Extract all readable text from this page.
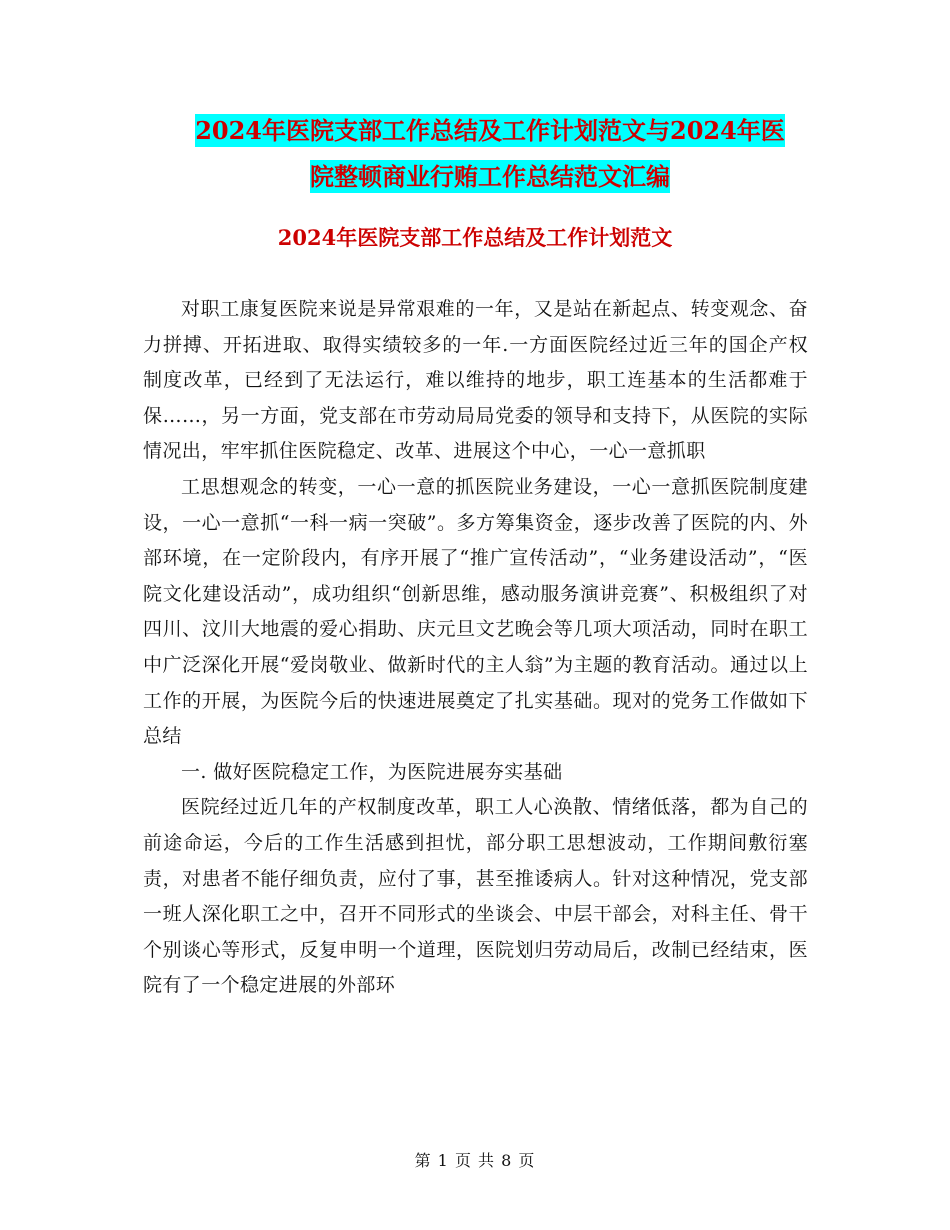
2024年医院支部工作总结及工作计划范文与2024年医
院整顿商业行贿工作总结范文汇编
2024年医院支部工作总结及工作计划范文

对职工康复医院来说是异常艰难的一年，又是站在新起点、转变观念、奋力拼搏、开拓进取、取得实绩较多的一年.一方面医院经过近三年的国企产权制度改革，已经到了无法运行，难以维持的地步，职工连基本的生活都难于保……，另一方面，党支部在市劳动局局党委的领导和支持下，从医院的实际情况出，牢牢抓住医院稳定、改革、进展这个中心，一心一意抓职

工思想观念的转变，一心一意的抓医院业务建设，一心一意抓医院制度建设，一心一意抓“一科一病一突破”。多方筹集资金，逐步改善了医院的内、外部环境，在一定阶段内，有序开展了“推广宣传活动”，“业务建设活动”，“医院文化建设活动”，成功组织“创新思维，感动服务演讲竞赛”、积极组织了对四川、汶川大地震的爱心捐助、庆元旦文艺晚会等几项大项活动，同时在职工中广泛深化开展“爱岗敬业、做新时代的主人翁”为主题的教育活动。通过以上工作的开展，为医院今后的快速进展奠定了扎实基础。现对的党务工作做如下总结

一. 做好医院稳定工作，为医院进展夯实基础

医院经过近几年的产权制度改革，职工人心涣散、情绪低落，都为自己的前途命运，今后的工作生活感到担忧，部分职工思想波动，工作期间敷衍塞责，对患者不能仔细负责，应付了事，甚至推诿病人。针对这种情况，党支部一班人深化职工之中，召开不同形式的坐谈会、中层干部会，对科主任、骨干个别谈心等形式，反复申明一个道理，医院划归劳动局后，改制已经结束，医院有了一个稳定进展的外部环

第 1 页 共 8 页
